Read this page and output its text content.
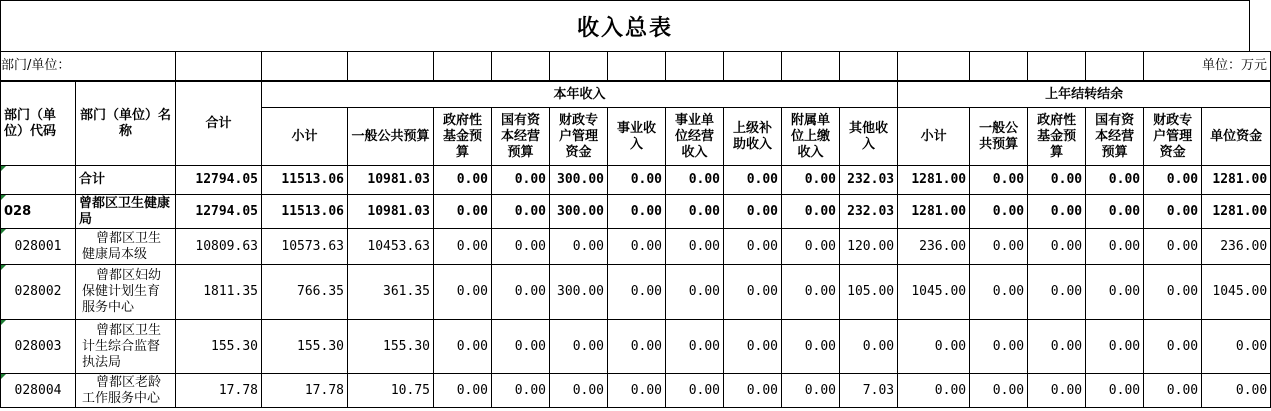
收入总表
部门/单位：																单位：万元
部门（单位）代码	部门（单位）名称	合计	本年收入										上年结转结余					
			小计	一般公共预算	政府性基金预算	国有资本经营预算	财政专户管理资金	事业收入	事业单位经营收入	上级补助收入	附属单位上缴收入	其他收入	小计	一般公共预算	政府性基金预算	国有资本经营预算	财政专户管理资金	单位资金
	合计	12794.05	11513.06	10981.03	0.00	0.00	300.00	0.00	0.00	0.00	0.00	232.03	1281.00	0.00	0.00	0.00	0.00	1281.00
028	曾都区卫生健康局	12794.05	11513.06	10981.03	0.00	0.00	300.00	0.00	0.00	0.00	0.00	232.03	1281.00	0.00	0.00	0.00	0.00	1281.00
028001	曾都区卫生健康局本级	10809.63	10573.63	10453.63	0.00	0.00	0.00	0.00	0.00	0.00	0.00	120.00	236.00	0.00	0.00	0.00	0.00	236.00
028002	曾都区妇幼保健计划生育服务中心	1811.35	766.35	361.35	0.00	0.00	300.00	0.00	0.00	0.00	0.00	105.00	1045.00	0.00	0.00	0.00	0.00	1045.00
028003	曾都区卫生计生综合监督执法局	155.30	155.30	155.30	0.00	0.00	0.00	0.00	0.00	0.00	0.00	0.00	0.00	0.00	0.00	0.00	0.00	0.00
028004	曾都区老龄工作服务中心	17.78	17.78	10.75	0.00	0.00	0.00	0.00	0.00	0.00	0.00	7.03	0.00	0.00	0.00	0.00	0.00	0.00
